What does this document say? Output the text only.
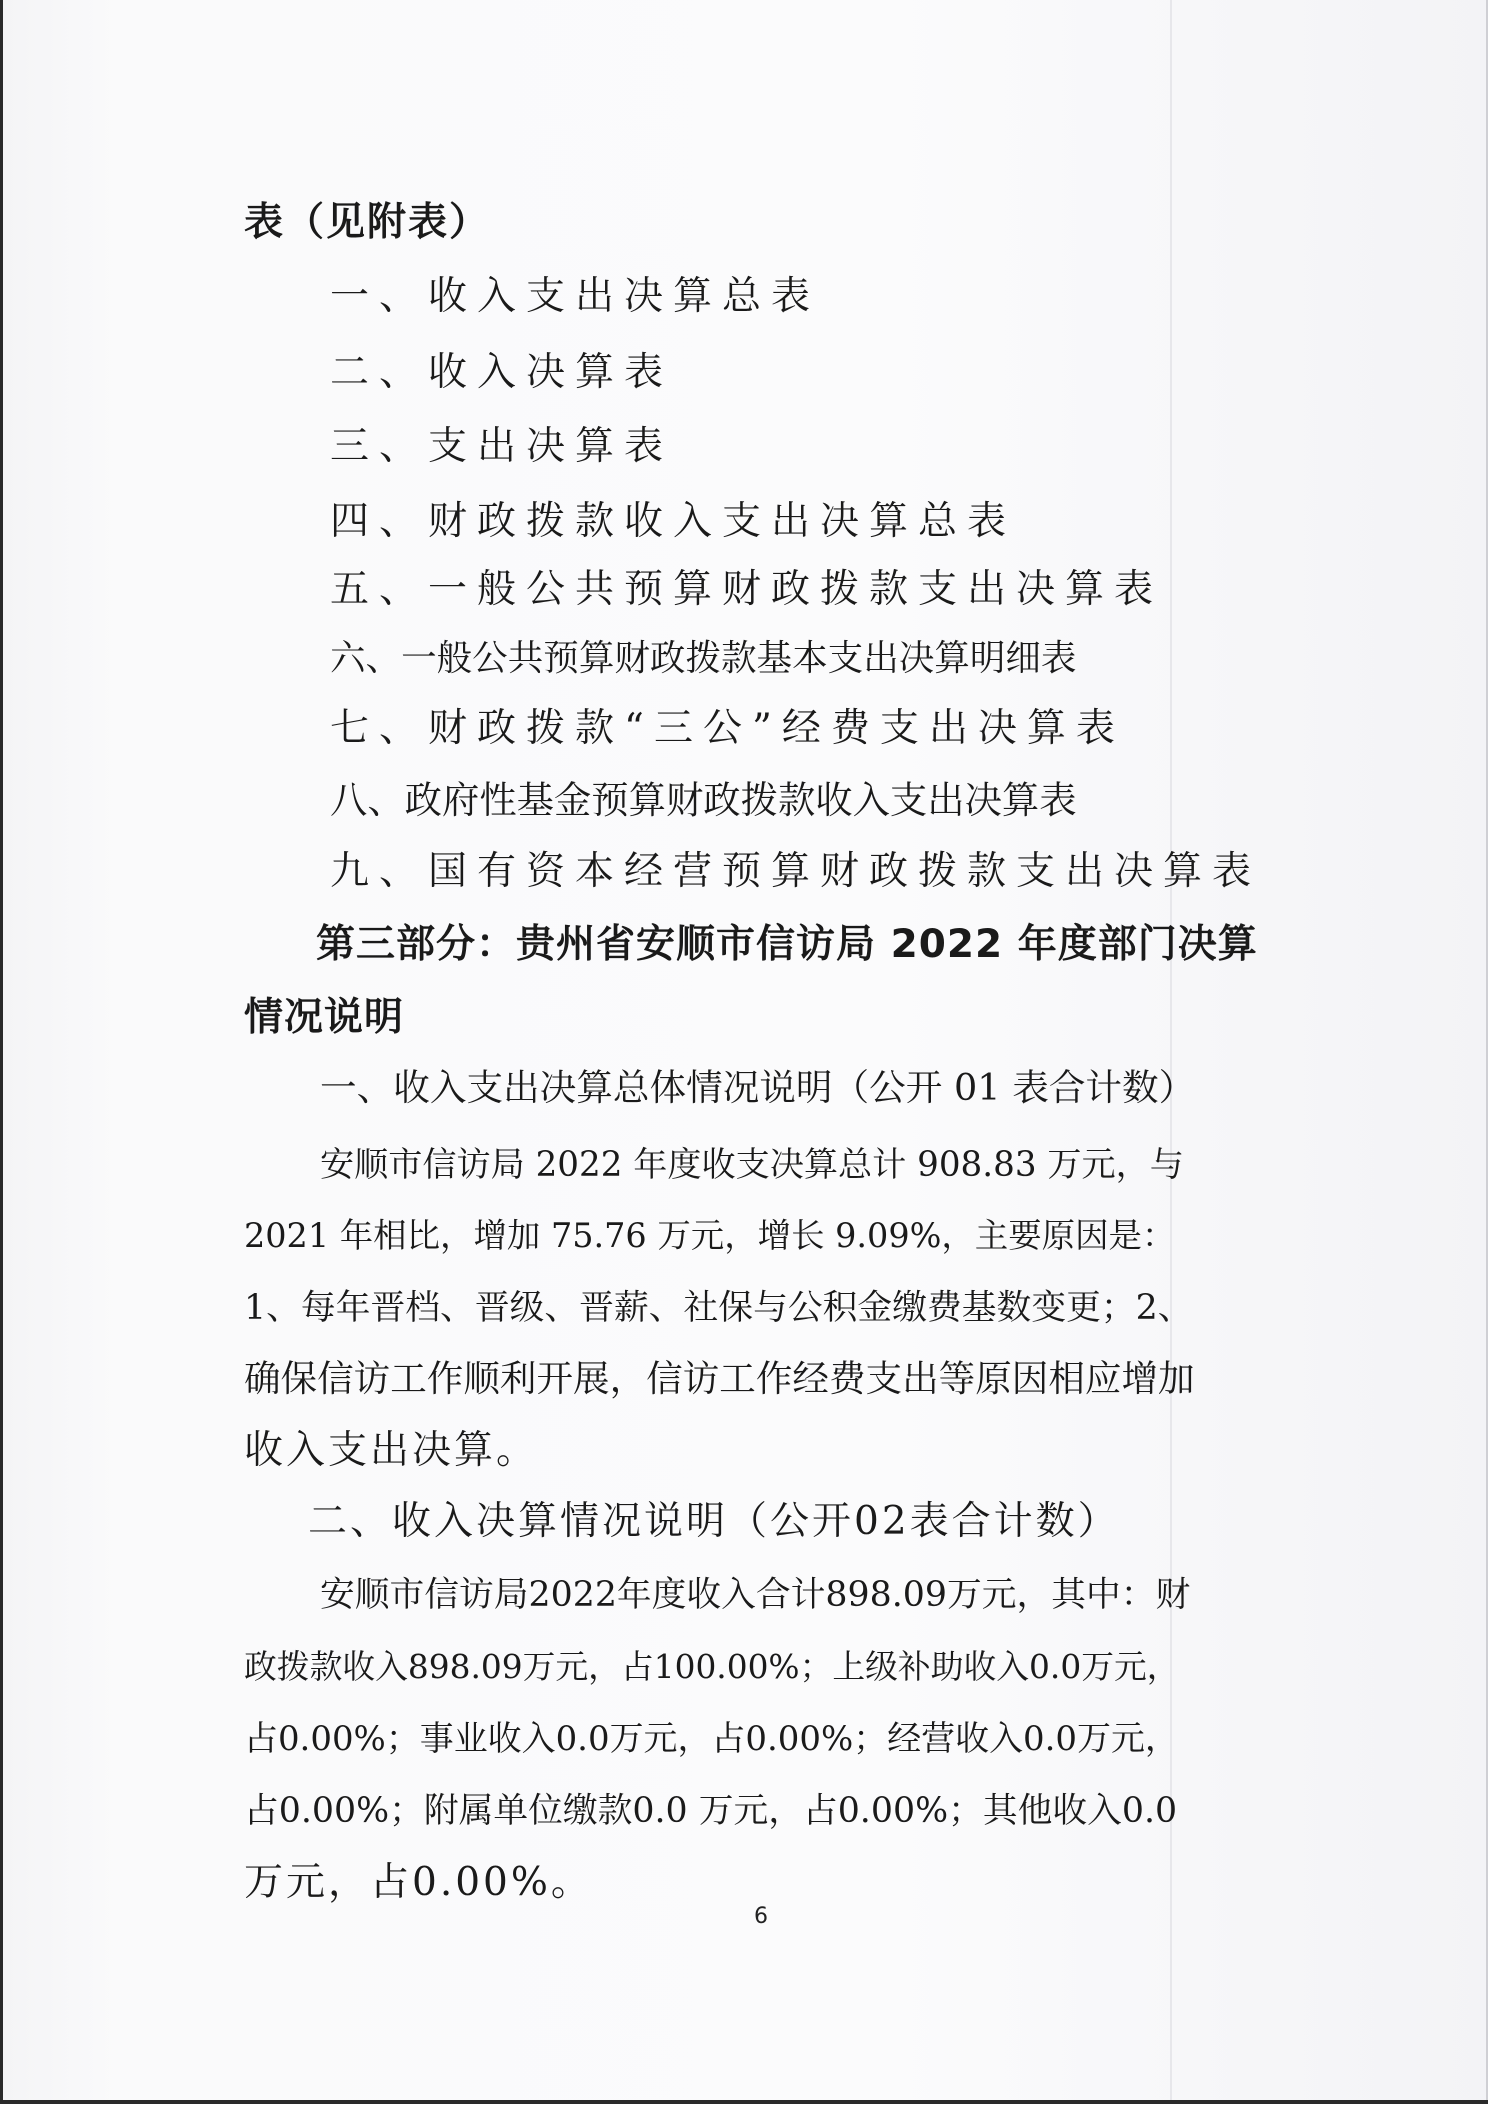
表（见附表）
一、收入支出决算总表
二、收入决算表
三、支出决算表
四、财政拨款收入支出决算总表
五、一般公共预算财政拨款支出决算表
六、一般公共预算财政拨款基本支出决算明细表
七、财政拨款“三公”经费支出决算表
八、政府性基金预算财政拨款收入支出决算表
九、国有资本经营预算财政拨款支出决算表
第三部分：贵州省安顺市信访局 2022 年度部门决算
情况说明
一、收入支出决算总体情况说明（公开 01 表合计数）
安顺市信访局 2022 年度收支决算总计 908.83 万元，与
2021 年相比，增加 75.76 万元，增长 9.09%，主要原因是：
1、每年晋档、晋级、晋薪、社保与公积金缴费基数变更；2、
确保信访工作顺利开展，信访工作经费支出等原因相应增加
收入支出决算。
二、收入决算情况说明（公开02表合计数）
安顺市信访局2022年度收入合计898.09万元，其中：财
政拨款收入898.09万元，占100.00%；上级补助收入0.0万元，
占0.00%；事业收入0.0万元，占0.00%；经营收入0.0万元，
占0.00%；附属单位缴款0.0 万元，占0.00%；其他收入0.0
万元，占0.00%。
6
